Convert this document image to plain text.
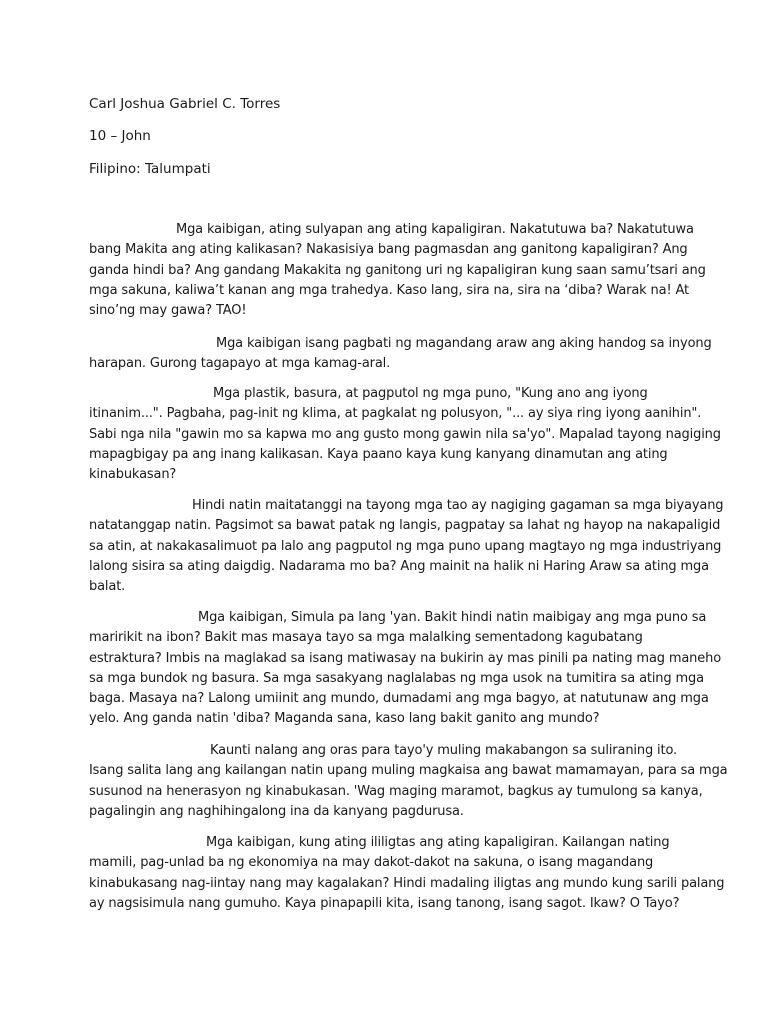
Carl Joshua Gabriel C. Torres
10 – John
Filipino: Talumpati

Mga kaibigan, ating sulyapan ang ating kapaligiran. Nakatutuwa ba? Nakatutuwa
bang Makita ang ating kalikasan? Nakasisiya bang pagmasdan ang ganitong kapaligiran? Ang
ganda hindi ba? Ang gandang Makakita ng ganitong uri ng kapaligiran kung saan samu’tsari ang
mga sakuna, kaliwa’t kanan ang mga trahedya. Kaso lang, sira na, sira na ‘diba? Warak na! At
sino’ng may gawa? TAO!

Mga kaibigan isang pagbati ng magandang araw ang aking handog sa inyong
harapan. Gurong tagapayo at mga kamag-aral.

Mga plastik, basura, at pagputol ng mga puno, "Kung ano ang iyong
itinanim...". Pagbaha, pag-init ng klima, at pagkalat ng polusyon, "... ay siya ring iyong aanihin".
Sabi nga nila "gawin mo sa kapwa mo ang gusto mong gawin nila sa'yo". Mapalad tayong nagiging
mapagbigay pa ang inang kalikasan. Kaya paano kaya kung kanyang dinamutan ang ating
kinabukasan?

Hindi natin maitatanggi na tayong mga tao ay nagiging gagaman sa mga biyayang
natatanggap natin. Pagsimot sa bawat patak ng langis, pagpatay sa lahat ng hayop na nakapaligid
sa atin, at nakakasalimuot pa lalo ang pagputol ng mga puno upang magtayo ng mga industriyang
lalong sisira sa ating daigdig. Nadarama mo ba? Ang mainit na halik ni Haring Araw sa ating mga
balat.

Mga kaibigan, Simula pa lang 'yan. Bakit hindi natin maibigay ang mga puno sa
maririkit na ibon? Bakit mas masaya tayo sa mga malalking sementadong kagubatang
estraktura? Imbis na maglakad sa isang matiwasay na bukirin ay mas pinili pa nating mag maneho
sa mga bundok ng basura. Sa mga sasakyang naglalabas ng mga usok na tumitira sa ating mga
baga. Masaya na? Lalong umiinit ang mundo, dumadami ang mga bagyo, at natutunaw ang mga
yelo. Ang ganda natin 'diba? Maganda sana, kaso lang bakit ganito ang mundo?

Kaunti nalang ang oras para tayo'y muling makabangon sa suliraning ito.
Isang salita lang ang kailangan natin upang muling magkaisa ang bawat mamamayan, para sa mga
susunod na henerasyon ng kinabukasan. 'Wag maging maramot, bagkus ay tumulong sa kanya,
pagalingin ang naghihingalong ina da kanyang pagdurusa.

Mga kaibigan, kung ating ililigtas ang ating kapaligiran. Kailangan nating
mamili, pag-unlad ba ng ekonomiya na may dakot-dakot na sakuna, o isang magandang
kinabukasang nag-iintay nang may kagalakan? Hindi madaling iligtas ang mundo kung sarili palang
ay nagsisimula nang gumuho. Kaya pinapapili kita, isang tanong, isang sagot. Ikaw? O Tayo?
